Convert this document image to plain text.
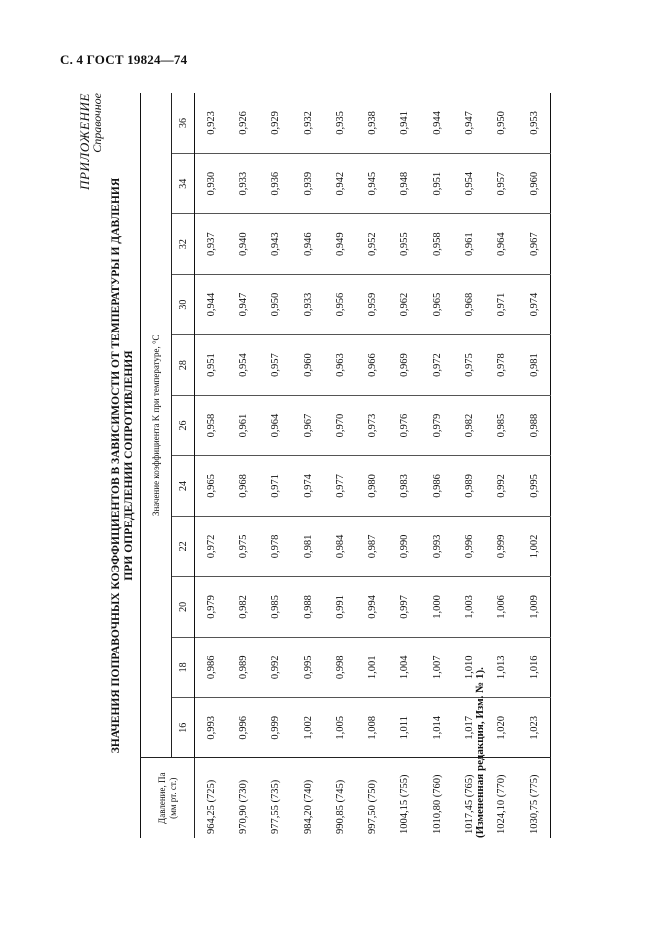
С. 4 ГОСТ 19824—74
ПРИЛОЖЕНИЕ
Справочное
ЗНАЧЕНИЯ ПОПРАВОЧНЫХ КОЭФФИЦИЕНТОВ В ЗАВИСИМОСТИ ОТ ТЕМПЕРАТУРЫ И ДАВЛЕНИЯ ПРИ ОПРЕДЕЛЕНИИ СОПРОТИВЛЕНИЯ
Давление, Па (мм рт. ст.)	Значение коэффициента K при температуре, °С										
	16	18	20	22	24	26	28	30	32	34	36
964,25 (725)	0,993	0,986	0,979	0,972	0,965	0,958	0,951	0,944	0,937	0,930	0,923
970,90 (730)	0,996	0,989	0,982	0,975	0,968	0,961	0,954	0,947	0,940	0,933	0,926
977,55 (735)	0,999	0,992	0,985	0,978	0,971	0,964	0,957	0,950	0,943	0,936	0,929
984,20 (740)	1,002	0,995	0,988	0,981	0,974	0,967	0,960	0,933	0,946	0,939	0,932
990,85 (745)	1,005	0,998	0,991	0,984	0,977	0,970	0,963	0,956	0,949	0,942	0,935
997,50 (750)	1,008	1,001	0,994	0,987	0,980	0,973	0,966	0,959	0,952	0,945	0,938
1004,15 (755)	1,011	1,004	0,997	0,990	0,983	0,976	0,969	0,962	0,955	0,948	0,941
1010,80 (760)	1,014	1,007	1,000	0,993	0,986	0,979	0,972	0,965	0,958	0,951	0,944
1017,45 (765)	1,017	1,010	1,003	0,996	0,989	0,982	0,975	0,968	0,961	0,954	0,947
1024,10 (770)	1,020	1,013	1,006	0,999	0,992	0,985	0,978	0,971	0,964	0,957	0,950
1030,75 (775)	1,023	1,016	1,009	1,002	0,995	0,988	0,981	0,974	0,967	0,960	0,953
(Измененная редакция, Изм. № 1).
